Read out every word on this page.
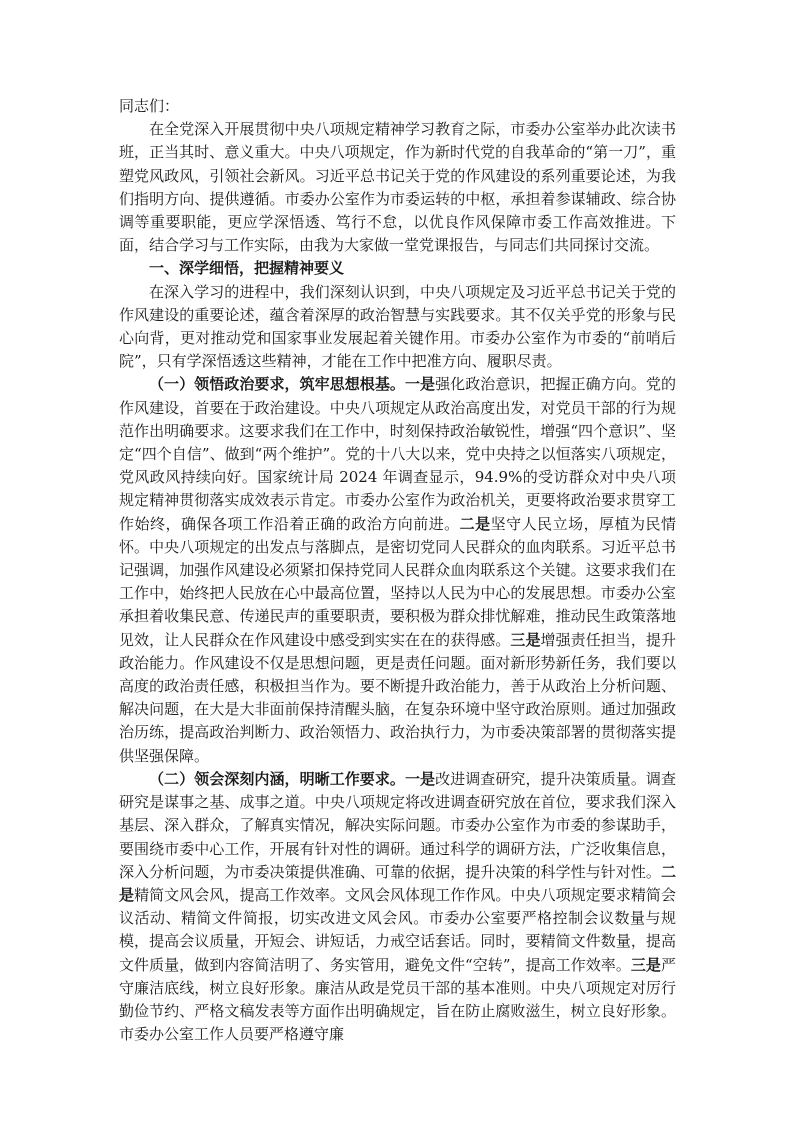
同志们：

在全党深入开展贯彻中央八项规定精神学习教育之际，市委办公室举办此次读书班，正当其时、意义重大。中央八项规定，作为新时代党的自我革命的“第一刀”，重塑党风政风，引领社会新风。习近平总书记关于党的作风建设的系列重要论述，为我们指明方向、提供遵循。市委办公室作为市委运转的中枢，承担着参谋辅政、综合协调等重要职能，更应学深悟透、笃行不怠，以优良作风保障市委工作高效推进。下面，结合学习与工作实际，由我为大家做一堂党课报告，与同志们共同探讨交流。

一、深学细悟，把握精神要义

在深入学习的进程中，我们深刻认识到，中央八项规定及习近平总书记关于党的作风建设的重要论述，蕴含着深厚的政治智慧与实践要求。其不仅关乎党的形象与民心向背，更对推动党和国家事业发展起着关键作用。市委办公室作为市委的“前哨后院”，只有学深悟透这些精神，才能在工作中把准方向、履职尽责。

（一）领悟政治要求，筑牢思想根基。一是强化政治意识，把握正确方向。党的作风建设，首要在于政治建设。中央八项规定从政治高度出发，对党员干部的行为规范作出明确要求。这要求我们在工作中，时刻保持政治敏锐性，增强“四个意识”、坚定“四个自信”、做到“两个维护”。党的十八大以来，党中央持之以恒落实八项规定，党风政风持续向好。国家统计局 2024 年调查显示，94.9%的受访群众对中央八项规定精神贯彻落实成效表示肯定。市委办公室作为政治机关，更要将政治要求贯穿工作始终，确保各项工作沿着正确的政治方向前进。二是坚守人民立场，厚植为民情怀。中央八项规定的出发点与落脚点，是密切党同人民群众的血肉联系。习近平总书记强调，加强作风建设必须紧扣保持党同人民群众血肉联系这个关键。这要求我们在工作中，始终把人民放在心中最高位置，坚持以人民为中心的发展思想。市委办公室承担着收集民意、传递民声的重要职责，要积极为群众排忧解难，推动民生政策落地见效，让人民群众在作风建设中感受到实实在在的获得感。三是增强责任担当，提升政治能力。作风建设不仅是思想问题，更是责任问题。面对新形势新任务，我们要以高度的政治责任感，积极担当作为。要不断提升政治能力，善于从政治上分析问题、解决问题，在大是大非面前保持清醒头脑，在复杂环境中坚守政治原则。通过加强政治历练，提高政治判断力、政治领悟力、政治执行力，为市委决策部署的贯彻落实提供坚强保障。

（二）领会深刻内涵，明晰工作要求。一是改进调查研究，提升决策质量。调查研究是谋事之基、成事之道。中央八项规定将改进调查研究放在首位，要求我们深入基层、深入群众，了解真实情况，解决实际问题。市委办公室作为市委的参谋助手，要围绕市委中心工作，开展有针对性的调研。通过科学的调研方法，广泛收集信息，深入分析问题，为市委决策提供准确、可靠的依据，提升决策的科学性与针对性。二是精简文风会风，提高工作效率。文风会风体现工作作风。中央八项规定要求精简会议活动、精简文件简报，切实改进文风会风。市委办公室要严格控制会议数量与规模，提高会议质量，开短会、讲短话，力戒空话套话。同时，要精简文件数量，提高文件质量，做到内容简洁明了、务实管用，避免文件“空转”，提高工作效率。三是严守廉洁底线，树立良好形象。廉洁从政是党员干部的基本准则。中央八项规定对厉行勤俭节约、严格文稿发表等方面作出明确规定，旨在防止腐败滋生，树立良好形象。市委办公室工作人员要严格遵守廉
